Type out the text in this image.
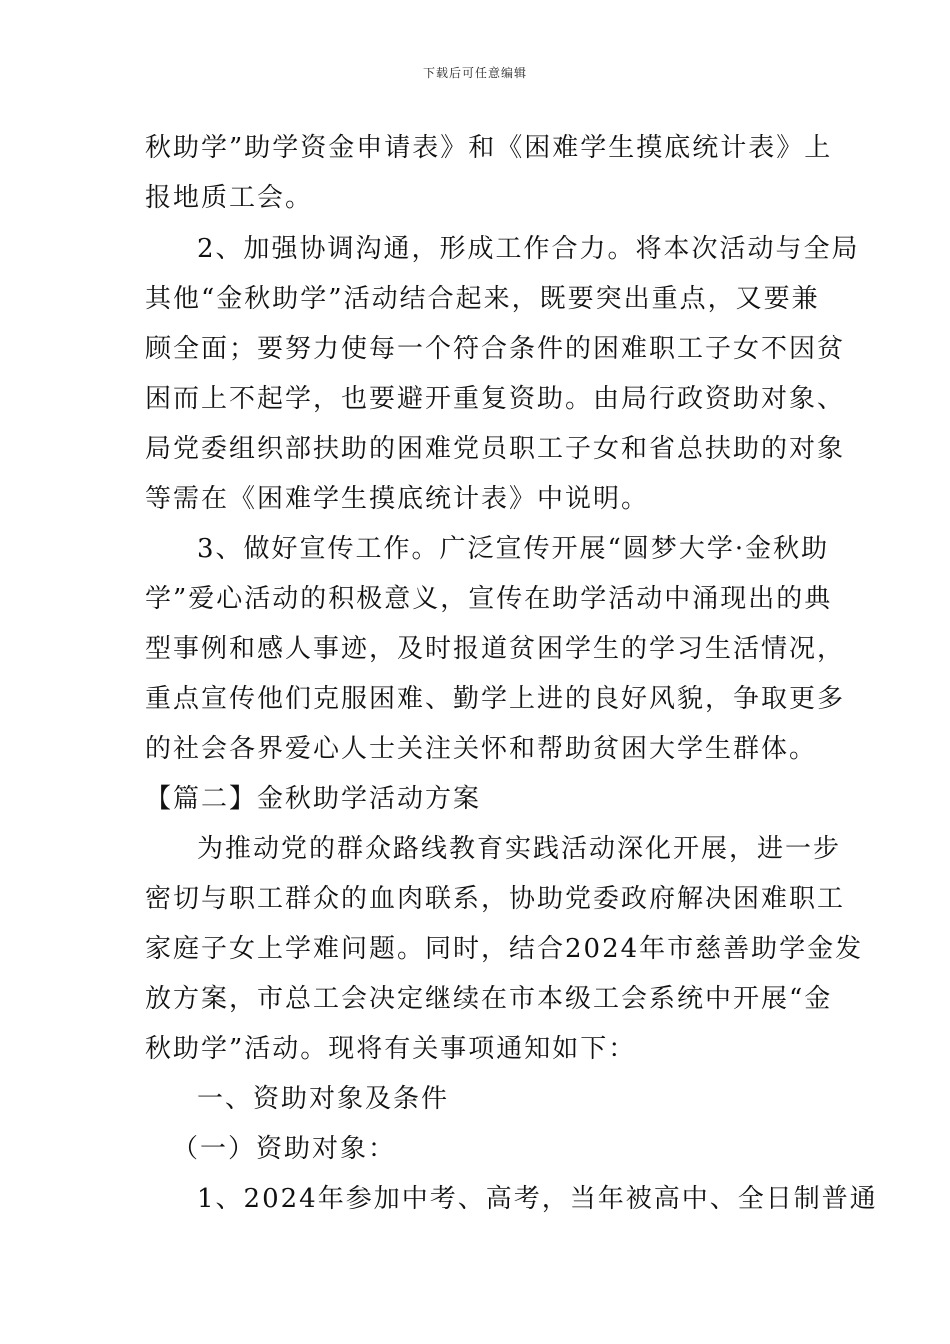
下载后可任意编辑
秋助学”助学资金申请表》和《困难学生摸底统计表》上
报地质工会。
2、加强协调沟通，形成工作合力。将本次活动与全局
其他“金秋助学”活动结合起来，既要突出重点，又要兼
顾全面；要努力使每一个符合条件的困难职工子女不因贫
困而上不起学，也要避开重复资助。由局行政资助对象、
局党委组织部扶助的困难党员职工子女和省总扶助的对象
等需在《困难学生摸底统计表》中说明。
3、做好宣传工作。广泛宣传开展“圆梦大学·金秋助
学”爱心活动的积极意义，宣传在助学活动中涌现出的典
型事例和感人事迹，及时报道贫困学生的学习生活情况，
重点宣传他们克服困难、勤学上进的良好风貌，争取更多
的社会各界爱心人士关注关怀和帮助贫困大学生群体。
【篇二】金秋助学活动方案
为推动党的群众路线教育实践活动深化开展，进一步
密切与职工群众的血肉联系，协助党委政府解决困难职工
家庭子女上学难问题。同时，结合2024年市慈善助学金发
放方案，市总工会决定继续在市本级工会系统中开展“金
秋助学”活动。现将有关事项通知如下：
一、资助对象及条件
（一）资助对象：
1、2024年参加中考、高考，当年被高中、全日制普通
